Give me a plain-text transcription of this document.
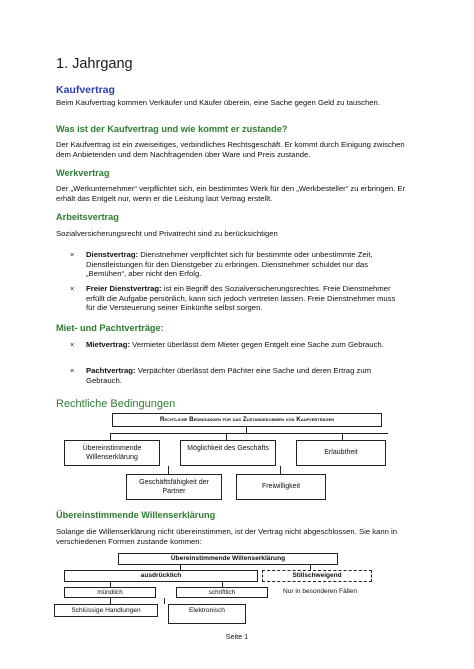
1. Jahrgang
Kaufvertrag
Beim Kaufvertrag kommen Verkäufer und Käufer überein, eine Sache gegen Geld zu tauschen.
Was ist der Kaufvertrag und wie kommt er zustande?
Der Kaufvertrag ist ein zweiseitiges, verbindliches Rechtsgeschäft. Er kommt durch Einigung zwischen dem Anbietenden und dem Nachfragenden über Ware und Preis zustande.
Werkvertrag
Der „Werkunternehmer“ verpflichtet sich, ein bestimmtes Werk für den „Werkbesteller“ zu erbringen. Er erhält das Entgelt nur, wenn er die Leistung laut Vertrag erstellt.
Arbeitsvertrag
Sozialversicherungsrecht und Privatrecht sind zu berücksichtigen
× Dienstvertrag: Dienstnehmer verpflichtet sich für bestimmte oder unbestimmte Zeit, Dienstleistungen für den Dienstgeber zu erbringen. Dienstnehmer schuldet nur das „Bemühen“, aber nicht den Erfolg.
× Freier Dienstvertrag: ist ein Begriff des Sozialversicherungsrechtes. Freie Dienstnehmer erfüllt die Aufgabe persönlich, kann sich jedoch vertreten lassen. Freie Dienstnehmer muss für die Versteuerung seiner Einkünfte selbst sorgen.
Miet- und Pachtverträge:
× Mietvertrag: Vermieter überlässt dem Mieter gegen Entgelt eine Sache zum Gebrauch.
× Pachtvertrag: Verpächter überlässt dem Pächter eine Sache und deren Ertrag zum Gebrauch.
Rechtliche Bedingungen
Rechtliche Bedingungen für das Zustandekommen von Kaufverträgen
Übereinstimmende Willenserklärung
Möglichkeit des Geschäfts
Erlaubtheit
Geschäftsfähigkeit der Partner
Freiwilligkeit
Übereinstimmende Willenserklärung
Solange die Willenserklärung nicht übereinstimmen, ist der Vertrag nicht abgeschlossen. Sie kann in verschiedenen Formen zustande kommen:
Übereinstimmende Willenserklärung
ausdrücklich	Stillschweigend
mündlich	schriftlich	Nur in besonderen Fällen
Schlüssige Handlungen	Elektronisch
Seite 1
